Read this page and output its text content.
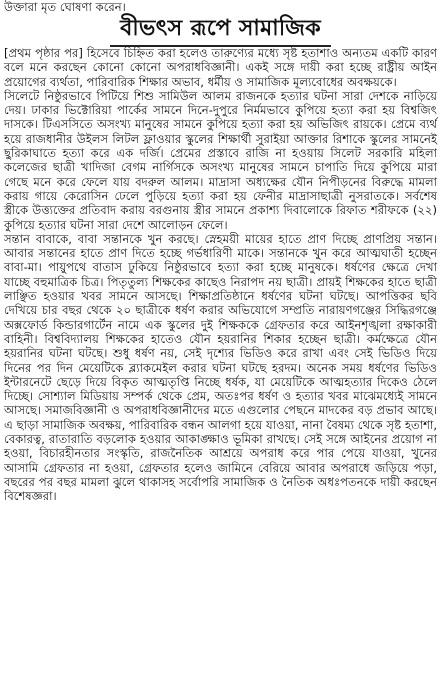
উক্তারা মৃত ঘোষণা করেন।

বীভৎস রূপে সামাজিক

[প্রথম পৃষ্ঠার পর] হিসেবে চিহ্নিত করা হলেও তারুণ্যের মধ্যে সৃষ্ট হতাশাও অন্যতম একটি কারণ বলে মনে করছেন কোনো কোনো অপরাধবিজ্ঞানী। একই সঙ্গে দায়ী করা হচ্ছে রাষ্ট্রীয় আইন প্রয়োগের ব্যর্থতা, পারিবারিক শিক্ষার অভাব, ধর্মীয় ও সামাজিক মূল্যবোধের অবক্ষয়কে।

সিলেটে নিষ্ঠুরভাবে পিটিয়ে শিশু সামিউল আলম রাজনকে হত্যার ঘটনা সারা দেশকে নাড়িয়ে দেয়। ঢাকার ভিক্টোরিয়া পার্কের সামনে দিনে-দুপুরে নির্মমভাবে কুপিয়ে হত্যা করা হয় বিশ্বজিৎ দাসকে। টিএসসিতে অসংখ্য মানুষের সামনে কুপিয়ে হত্যা করা হয় অভিজিৎ রায়কে। প্রেমে ব্যর্থ হয়ে রাজধানীর উইলস লিটল ফ্লাওয়ার স্কুলের শিক্ষার্থী সুরাইয়া আক্তার রিশাকে স্কুলের সামনেই ছুরিকাঘাতে হত্যা করে এক দর্জি। প্রেমের প্রস্তাবে রাজি না হওয়ায় সিলেট সরকারি মহিলা কলেজের ছাত্রী খাদিজা বেগম নার্গিসকে অসংখ্য মানুষের সামনে চাপাতি দিয়ে কুপিয়ে মারা গেছে মনে করে ফেলে যায় বদরুল আলম। মাদ্রাসা অধ্যক্ষের যৌন নিপীড়নের বিরুদ্ধে মামলা করায় গায়ে কেরোসিন ঢেলে পুড়িয়ে হত্যা করা হয় ফেনীর মাদ্রাসাছাত্রী নুসরাতকে। সর্বশেষ স্ত্রীকে উত্ত্যক্তের প্রতিবাদ করায় বরগুনায় স্ত্রীর সামনে প্রকাশ্য দিবালোকে রিফাত শরীফকে (২২) কুপিয়ে হত্যার ঘটনা সারা দেশে আলোড়ন ফেলে।

সন্তান বাবাকে, বাবা সন্তানকে খুন করছে। স্নেহময়ী মায়ের হাতে প্রাণ দিচ্ছে প্রাণপ্রিয় সন্তান। আবার সন্তানের হাতে প্রাণ দিতে হচ্ছে গর্ভধারিণী মাকে। সন্তানকে খুন করে আত্মঘাতী হচ্ছেন বাবা-মা। পায়ুপথে বাতাস ঢুকিয়ে নিষ্ঠুরভাবে হত্যা করা হচ্ছে মানুষকে। ধর্ষণের ক্ষেত্রে দেখা যাচ্ছে বহুমাত্রিক চিত্র। পিতৃতুল্য শিক্ষকের কাছেও নিরাপদ নয় ছাত্রী। প্রায়ই শিক্ষকের হাতে ছাত্রী লাঞ্ছিত হওয়ার খবর সামনে আসছে। শিক্ষাপ্রতিষ্ঠানে ধর্ষণের ঘটনা ঘটছে। আপত্তিকর ছবি দেখিয়ে চার বছর থেকে ২০ ছাত্রীকে ধর্ষণ করার অভিযোগে সম্প্রতি নারায়ণগঞ্জের সিদ্ধিরগঞ্জে অক্সফোর্ড কিন্ডারগার্টেন নামে এক স্কুলের দুই শিক্ষককে গ্রেফতার করে আইনশৃঙ্খলা রক্ষাকারী বাহিনী। বিশ্ববিদ্যালয় শিক্ষকের হাতেও যৌন হয়রানির শিকার হচ্ছেন ছাত্রী। কর্মক্ষেত্রে যৌন হয়রানির ঘটনা ঘটছে। শুধু ধর্ষণ নয়, সেই দৃশ্যের ভিডিও করে রাখা এবং সেই ভিডিও দিয়ে দিনের পর দিন মেয়েটিকে ব্ল্যাকমেইল করার ঘটনা ঘটছে হরদম। অনেক সময় ধর্ষণের ভিডিও ইন্টারনেটে ছেড়ে দিয়ে বিকৃত আত্মতৃপ্তি নিচ্ছে ধর্ষক, যা মেয়েটিকে আত্মহত্যার দিকেও ঠেলে দিচ্ছে। সোশ্যাল মিডিয়ায় সম্পর্ক থেকে প্রেম, অতঃপর ধর্ষণ ও হত্যার খবর মাঝেমধ্যেই সামনে আসছে। সমাজবিজ্ঞানী ও অপরাধবিজ্ঞানীদের মতে এগুলোর পেছনে মাদকের বড় প্রভাব আছে। এ ছাড়া সামাজিক অবক্ষয়, পারিবারিক বন্ধন আলগা হয়ে যাওয়া, নানা বৈষম্য থেকে সৃষ্ট হতাশা, বেকারত্ব, রাতারাতি বড়লোক হওয়ার আকাঙ্ক্ষাও ভূমিকা রাখছে। সেই সঙ্গে আইনের প্রয়োগ না হওয়া, বিচারহীনতার সংস্কৃতি, রাজনৈতিক আশ্রয়ে অপরাধ করে পার পেয়ে যাওয়া, খুনের আসামি গ্রেফতার না হওয়া, গ্রেফতার হলেও জামিনে বেরিয়ে আবার অপরাধে জড়িয়ে পড়া, বছরের পর বছর মামলা ঝুলে থাকাসহ সর্বোপরি সামাজিক ও নৈতিক অধঃপতনকে দায়ী করছেন বিশেষজ্ঞরা।
